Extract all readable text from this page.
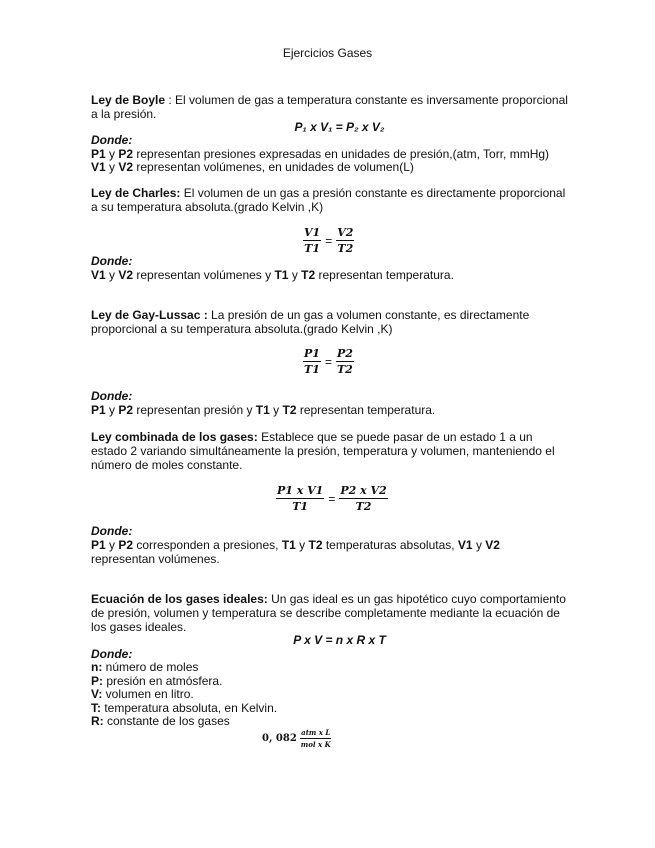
Ejercicios Gases

Ley de Boyle : El volumen de gas a temperatura constante es inversamente proporcional a la presión.

P₁ x V₁ = P₂ x V₂
Donde:
P1 y P2 representan presiones expresadas en unidades de presión,(atm, Torr, mmHg)
V1 y V2 representan volúmenes, en unidades de volumen(L)

Ley de Charles: El volumen de un gas a presión constante es directamente proporcional a su temperatura absoluta.(grado Kelvin ,K)

$\frac{V1}{T1} = \frac{V2}{T2}$
Donde:
V1 y V2 representan volúmenes y T1 y T2 representan temperatura.

Ley de Gay-Lussac : La presión de un gas a volumen constante, es directamente proporcional a su temperatura absoluta.(grado Kelvin ,K)

$\frac{P1}{T1} = \frac{P2}{T2}$
Donde:
P1 y P2 representan presión y T1 y T2 representan temperatura.

Ley combinada de los gases: Establece que se puede pasar de un estado 1 a un estado 2 variando simultáneamente la presión, temperatura y volumen, manteniendo el número de moles constante.

$\frac{\text{P1 x V1}}{T1} = \frac{\text{P2 x V2}}{T2}$
Donde:

P1 y P2 corresponden a presiones, T1 y T2 temperaturas absolutas, V1 y V2 representan volúmenes.

Ecuación de los gases ideales: Un gas ideal es un gas hipotético cuyo comportamiento de presión, volumen y temperatura se describe completamente mediante la ecuación de los gases ideales.

P x V = n x R x T
Donde:
n: número de moles
P: presión en atmósfera.
V: volumen en litro.
T: temperatura absoluta, en Kelvin.
R: constante de los gases
0, $082 \frac{\text{atm x L}}{\text{mol x K}}$
